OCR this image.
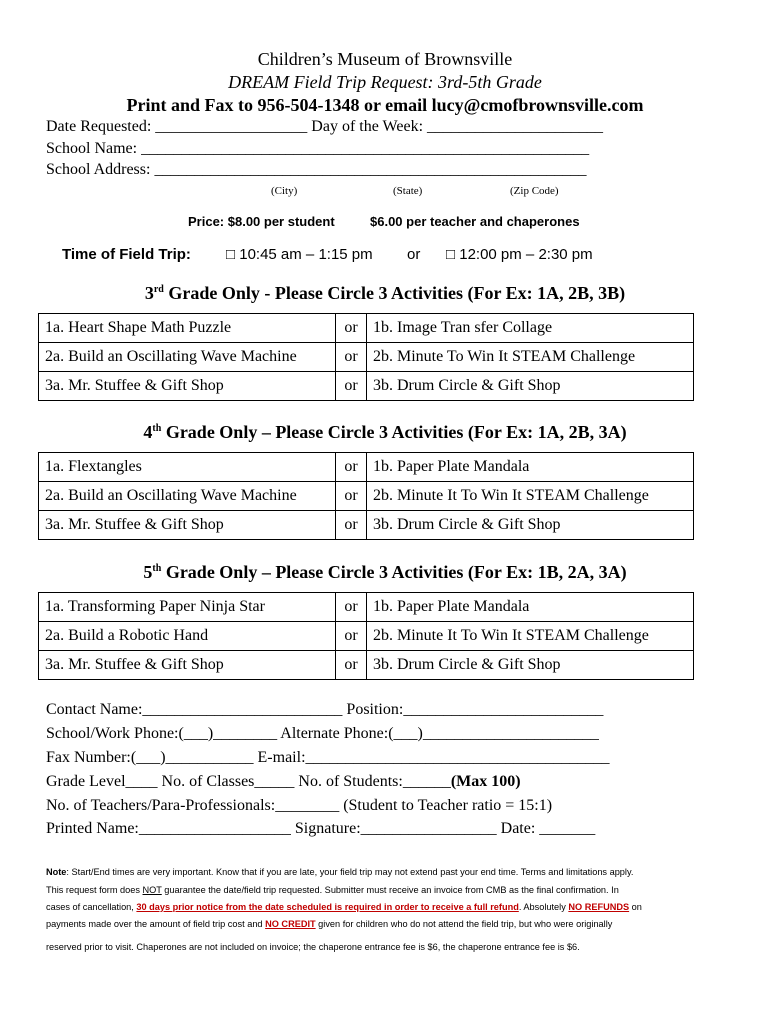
Children’s Museum of Brownsville
DREAM Field Trip Request: 3rd-5th Grade
Print and Fax to 956-504-1348 or email lucy@cmofbrownsville.com
Date Requested: ___________________ Day of the Week: ______________________
School Name: ________________________________________________________
School Address: ______________________________________________________
(City)	(State)	(Zip Code)
Price: $8.00 per student	$6.00 per teacher and chaperones
Time of Field Trip: □ 10:45 am – 1:15 pm or □ 12:00 pm – 2:30 pm
3rd Grade Only - Please Circle 3 Activities (For Ex: 1A, 2B, 3B)
1a. Heart Shape Math Puzzle	or	1b. Image Tran sfer Collage
2a. Build an Oscillating Wave Machine	or	2b. Minute To Win It STEAM Challenge
3a. Mr. Stuffee & Gift Shop	or	3b. Drum Circle & Gift Shop
4th Grade Only – Please Circle 3 Activities (For Ex: 1A, 2B, 3A)
1a. Flextangles	or	1b. Paper Plate Mandala
2a. Build an Oscillating Wave Machine	or	2b. Minute It To Win It STEAM Challenge
3a. Mr. Stuffee & Gift Shop	or	3b. Drum Circle & Gift Shop
5th Grade Only – Please Circle 3 Activities (For Ex: 1B, 2A, 3A)
1a. Transforming Paper Ninja Star	or	1b. Paper Plate Mandala
2a. Build a Robotic Hand	or	2b. Minute It To Win It STEAM Challenge
3a. Mr. Stuffee & Gift Shop	or	3b. Drum Circle & Gift Shop
Contact Name:_________________________ Position:_________________________
School/Work Phone:(___)________ Alternate Phone:(___)______________________
Fax Number:(___)___________ E-mail:______________________________________
Grade Level____ No. of Classes_____ No. of Students:______(Max 100)
No. of Teachers/Para-Professionals:________ (Student to Teacher ratio = 15:1)
Printed Name:___________________ Signature:_________________ Date: _______
Note: Start/End times are very important. Know that if you are late, your field trip may not extend past your end time. Terms and limitations apply.
This request form does NOT guarantee the date/field trip requested. Submitter must receive an invoice from CMB as the final confirmation. In
cases of cancellation, 30 days prior notice from the date scheduled is required in order to receive a full refund. Absolutely NO REFUNDS on
payments made over the amount of field trip cost and NO CREDIT given for children who do not attend the field trip, but who were originally
reserved prior to visit. Chaperones are not included on invoice; the chaperone entrance fee is $6, the chaperone entrance fee is $6.
